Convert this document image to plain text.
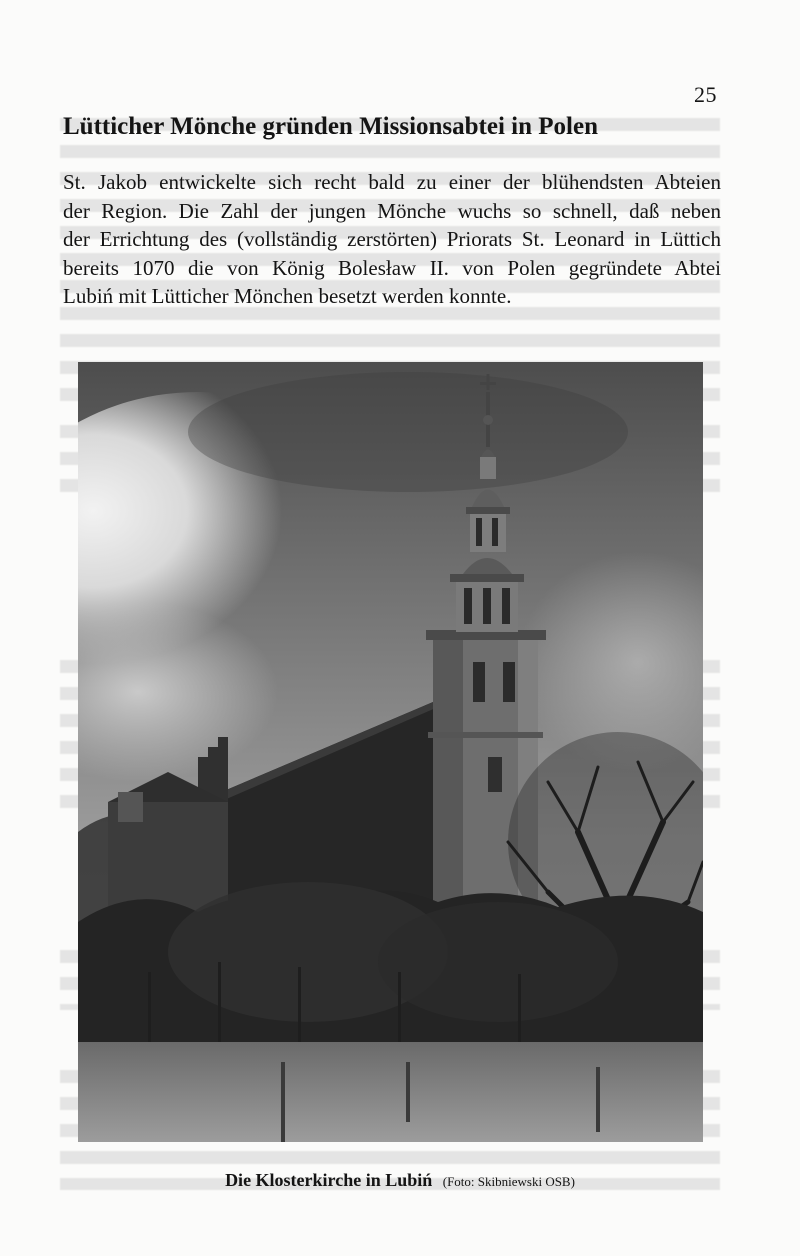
25
Lütticher Mönche gründen Missionsabtei in Polen
St. Jakob entwickelte sich recht bald zu einer der blühendsten Abteien
der Region. Die Zahl der jungen Mönche wuchs so schnell, daß neben
der Errichtung des (vollständig zerstörten) Priorats St. Leonard in Lüttich
bereits 1070 die von König Bolesław II. von Polen gegründete Abtei
Lubiń mit Lütticher Mönchen besetzt werden konnte.
Die Klosterkirche in Lubiń (Foto: Skibniewski OSB)
